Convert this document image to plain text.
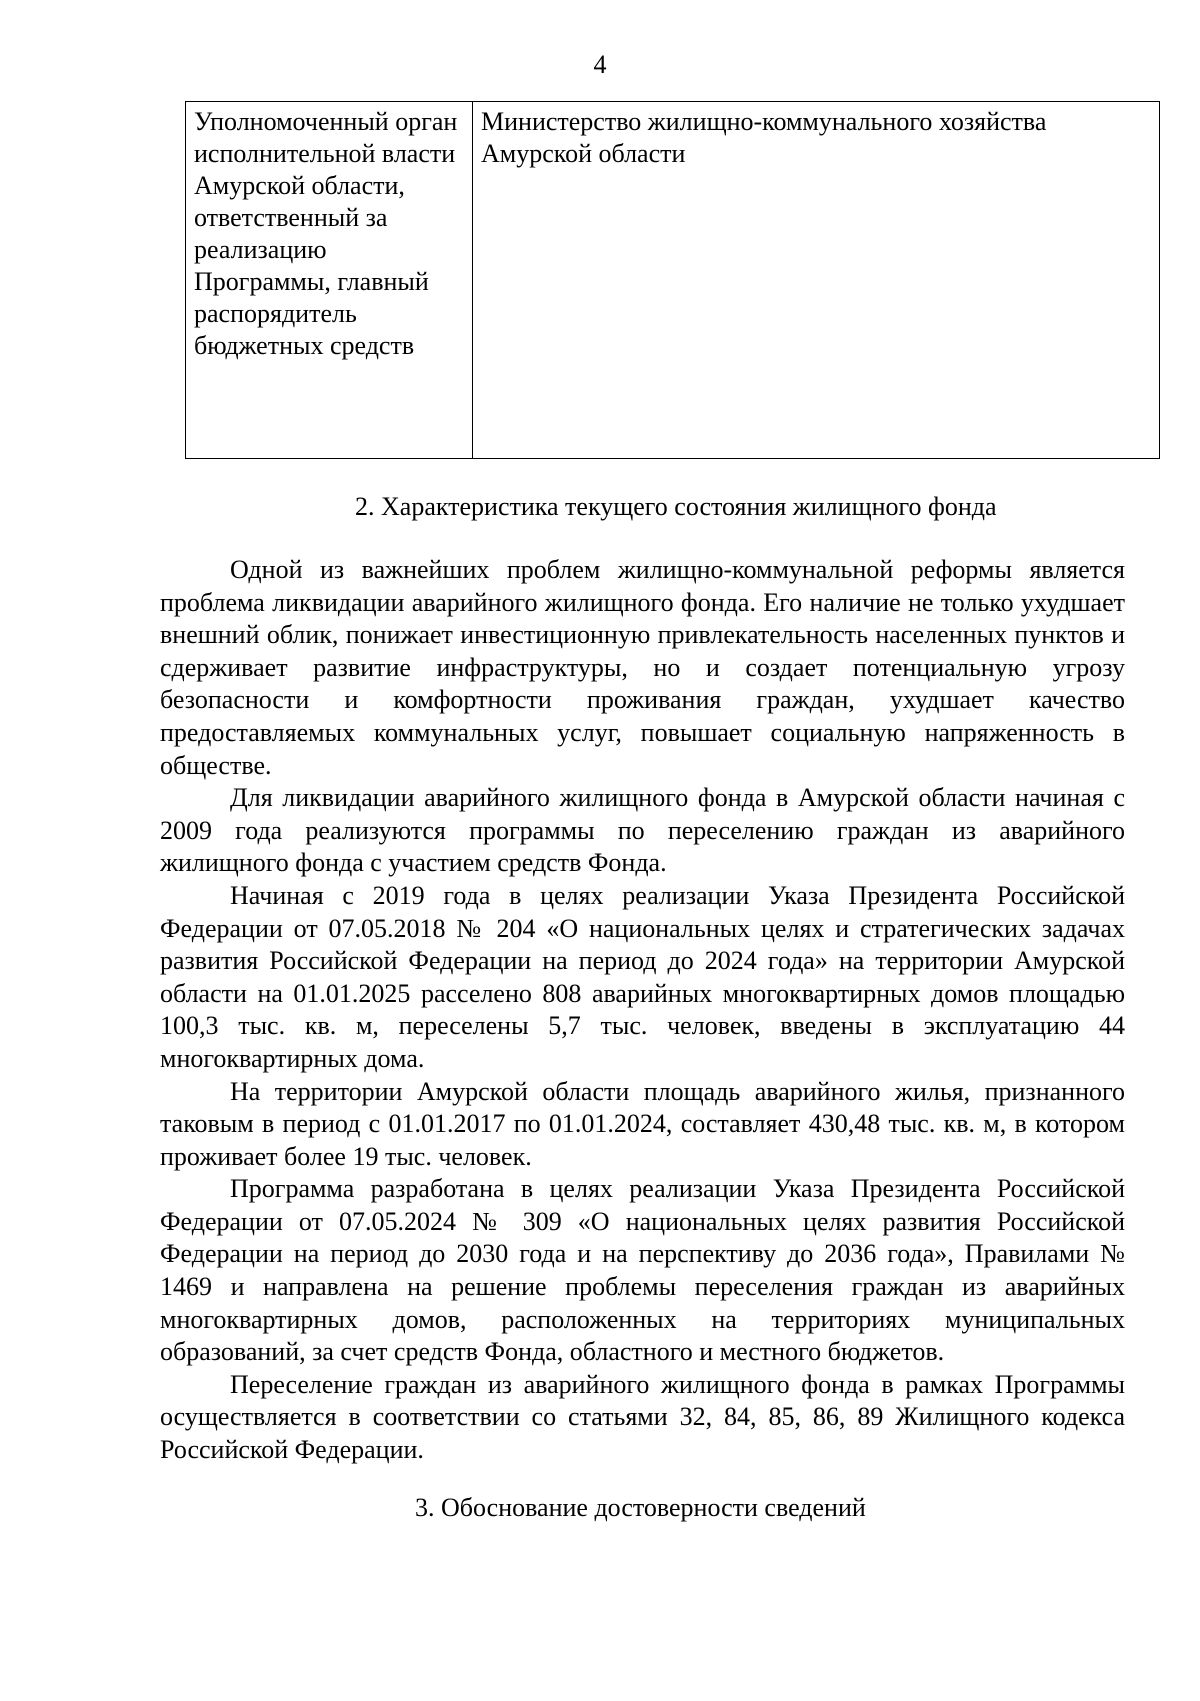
4
Уполномоченный орган исполнительной власти Амурской области, ответственный за реализацию Программы, главный распорядитель бюджетных средств	Министерство жилищно-коммунального хозяйства Амурской области
2. Характеристика текущего состояния жилищного фонда

Одной из важнейших проблем жилищно-коммунальной реформы является проблема ликвидации аварийного жилищного фонда. Его наличие не только ухудшает внешний облик, понижает инвестиционную привлекательность населенных пунктов и сдерживает развитие инфраструктуры, но и создает потенциальную угрозу безопасности и комфортности проживания граждан, ухудшает качество предоставляемых коммунальных услуг, повышает социальную напряженность в обществе.

Для ликвидации аварийного жилищного фонда в Амурской области начиная с 2009 года реализуются программы по переселению граждан из аварийного жилищного фонда с участием средств Фонда.

Начиная с 2019 года в целях реализации Указа Президента Российской Федерации от 07.05.2018 № 204 «О национальных целях и стратегических задачах развития Российской Федерации на период до 2024 года» на территории Амурской области на 01.01.2025 расселено 808 аварийных многоквартирных домов площадью 100,3 тыс. кв. м, переселены 5,7 тыс. человек, введены в эксплуатацию 44 многоквартирных дома.

На территории Амурской области площадь аварийного жилья, признанного таковым в период с 01.01.2017 по 01.01.2024, составляет 430,48 тыс. кв. м, в котором проживает более 19 тыс. человек.

Программа разработана в целях реализации Указа Президента Российской Федерации от 07.05.2024 № 309 «О национальных целях развития Российской Федерации на период до 2030 года и на перспективу до 2036 года», Правилами № 1469 и направлена на решение проблемы переселения граждан из аварийных многоквартирных домов, расположенных на территориях муниципальных образований, за счет средств Фонда, областного и местного бюджетов.

Переселение граждан из аварийного жилищного фонда в рамках Программы осуществляется в соответствии со статьями 32, 84, 85, 86, 89 Жилищного кодекса Российской Федерации.

3. Обоснование достоверности сведений
